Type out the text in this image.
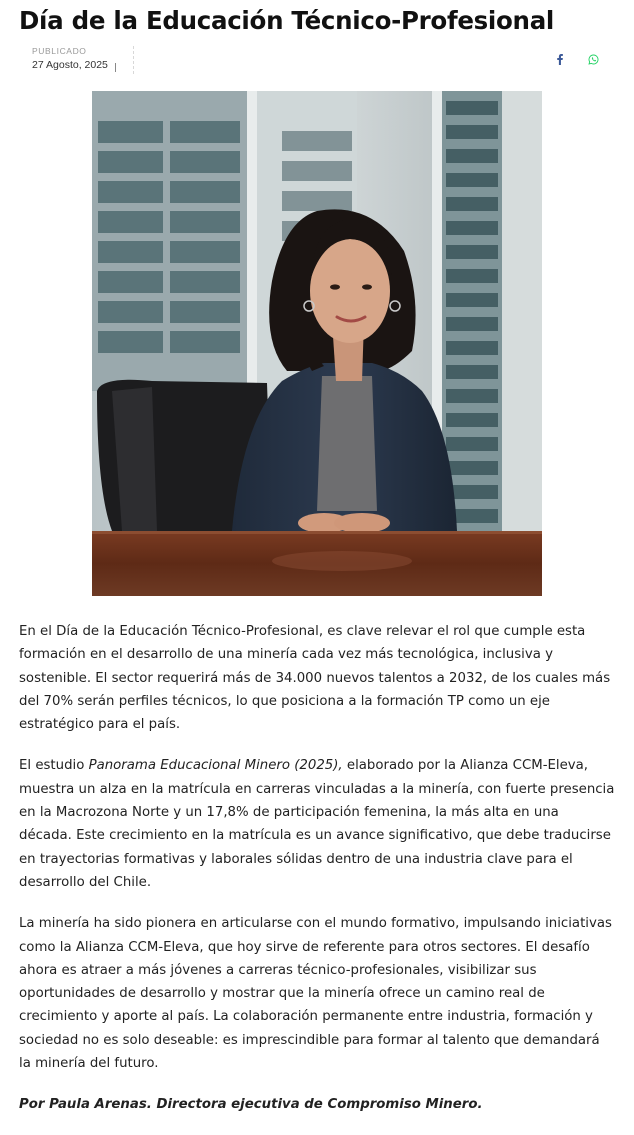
Día de la Educación Técnico-Profesional
PUBLICADO
27 Agosto, 2025

En el Día de la Educación Técnico-Profesional, es clave relevar el rol que cumple esta formación en el desarrollo de una minería cada vez más tecnológica, inclusiva y sostenible. El sector requerirá más de 34.000 nuevos talentos a 2032, de los cuales más del 70% serán perfiles técnicos, lo que posiciona a la formación TP como un eje estratégico para el país.

El estudio Panorama Educacional Minero (2025), elaborado por la Alianza CCM-Eleva, muestra un alza en la matrícula en carreras vinculadas a la minería, con fuerte presencia en la Macrozona Norte y un 17,8% de participación femenina, la más alta en una década. Este crecimiento en la matrícula es un avance significativo, que debe traducirse en trayectorias formativas y laborales sólidas dentro de una industria clave para el desarrollo del Chile.

La minería ha sido pionera en articularse con el mundo formativo, impulsando iniciativas como la Alianza CCM-Eleva, que hoy sirve de referente para otros sectores. El desafío ahora es atraer a más jóvenes a carreras técnico-profesionales, visibilizar sus oportunidades de desarrollo y mostrar que la minería ofrece un camino real de crecimiento y aporte al país. La colaboración permanente entre industria, formación y sociedad no es solo deseable: es imprescindible para formar al talento que demandará la minería del futuro.

Por Paula Arenas. Directora ejecutiva de Compromiso Minero.
